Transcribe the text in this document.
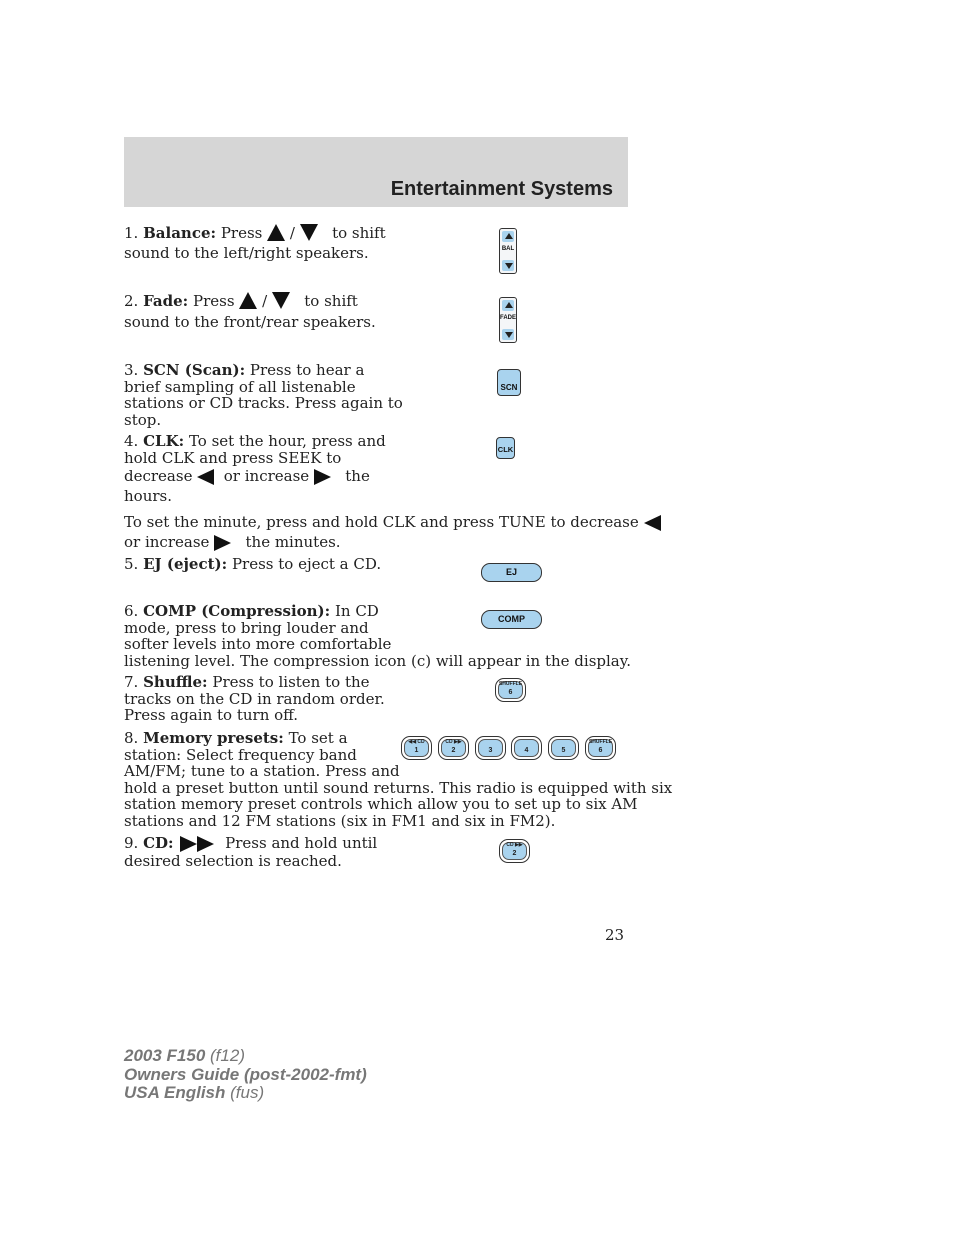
Entertainment Systems
1. Balance: Press / to shift
sound to the left/right speakers.	BAL
2. Fade: Press / to shift
sound to the front/rear speakers.	FADE
3. SCN (Scan): Press to hear a
brief sampling of all listenable
stations or CD tracks. Press again to
stop.
SCN
4. CLK: To set the hour, press and
hold CLK and press SEEK to
decrease or increase the
hours.
CLK
To set the minute, press and hold CLK and press TUNE to decrease
or increase the minutes.
5. EJ (eject): Press to eject a CD.	EJ
6. COMP (Compression): In CD
mode, press to bring louder and
softer levels into more comfortable
listening level. The compression icon (c) will appear in the display.
COMP
7. Shuffle: Press to listen to the
tracks on the CD in random order.
Press again to turn off.
SHUFFLE
6
8. Memory presets: To set a
station: Select frequency band
AM/FM; tune to a station. Press and
hold a preset button until sound returns. This radio is equipped with six
station memory preset controls which allow you to set up to six AM
stations and 12 FM stations (six in FM1 and six in FM2).
◀◀ CD
1
CD ▶▶
2	3	4	5
SHUFFLE
6
9. CD:	Press and hold until
desired selection is reached.
CD ▶▶
2
23
2003 F150 (f12)
Owners Guide (post-2002-fmt)
USA English (fus)
